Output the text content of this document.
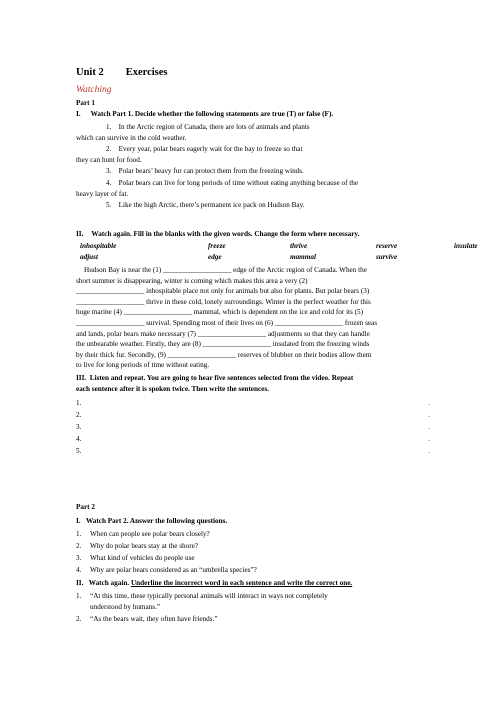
Unit 2 Exercises
Watching
Part 1
I. Watch Part 1. Decide whether the following statements are true (T) or false (F).
1. In the Arctic region of Canada, there are lots of animals and plants
which can survive in the cold weather.
2. Every year, polar bears eagerly wait for the bay to freeze so that
they can hunt for food.
3. Polar bears’ heavy fur can protect them from the freezing winds.
4. Polar bears can live for long periods of time without eating anything because of the
heavy layer of fat.
5. Like the high Arctic, there’s permanent ice pack on Hudson Bay.
II. Watch again. Fill in the blanks with the given words. Change the form where necessary.
inhospitable	freeze	thrive	reserve	insulate
adjust	edge	mammal	survive
Hudson Bay is near the (1) ___________________ edge of the Arctic region of Canada. When the
short summer is disappearing, winter is coming which makes this area a very (2)
___________________ inhospitable place not only for animals but also for plants. But polar bears (3)
___________________ thrive in these cold, lonely surroundings. Winter is the perfect weather for this
huge marine (4) ___________________ mammal, which is dependent on the ice and cold for its (5)
___________________ survival. Spending most of their lives on (6) ___________________ frozen seas
and lands, polar bears make necessary (7) ___________________ adjustments so that they can handle
the unbearable weather. Firstly, they are (8) ___________________ insulated from the freezing winds
by their thick fur. Secondly, (9) ___________________ reserves of blubber on their bodies allow them
to live for long periods of time without eating.
III. Listen and repeat. You are going to hear five sentences selected from the video. Repeat
each sentence after it is spoken twice. Then write the sentences.
1.	.
2.	.
3.	.
4.	.
5.	.
Part 2
I. Watch Part 2. Answer the following questions.
1.	When can people see polar bears closely?
2.	Why do polar bears stay at the shore?
3.	What kind of vehicles do people use
4.	Why are polar bears considered as an “umbrella species”?
II. Watch again. Underline the incorrect word in each sentence and write the correct one.
1.	“At this time, these typically personal animals will interact in ways not completely
understood by humans.”
2.	“As the bears wait, they often have friends.”
